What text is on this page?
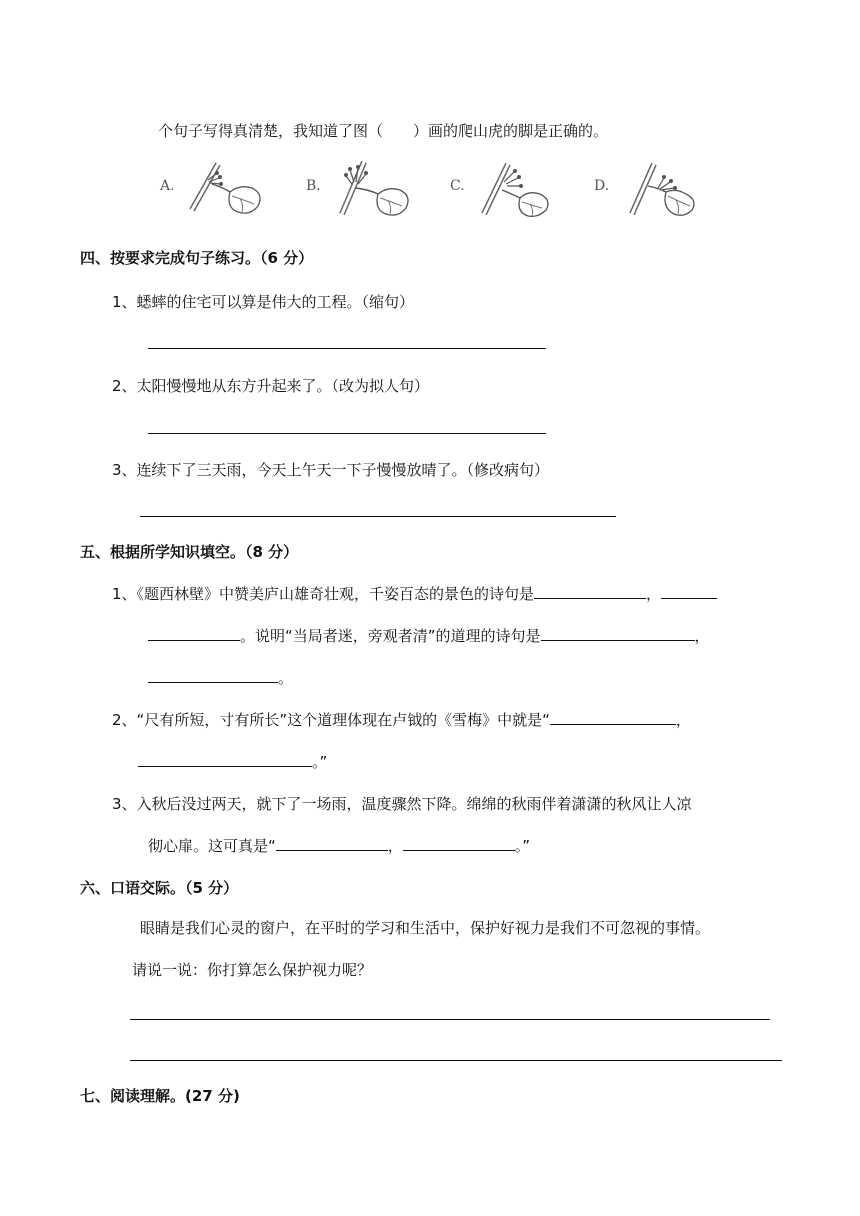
个句子写得真清楚，我知道了图（　　）画的爬山虎的脚是正确的。
A.	B.	C.	D.
四、按要求完成句子练习。（6 分）
1、蟋蟀的住宅可以算是伟大的工程。（缩句）
2、太阳慢慢地从东方升起来了。（改为拟人句）
3、连续下了三天雨，今天上午天一下子慢慢放晴了。（修改病句）
五、根据所学知识填空。（8 分）
1、《题西林壁》中赞美庐山雄奇壮观，千姿百态的景色的诗句是	，
。说明“当局者迷，旁观者清”的道理的诗句是	，
。
2、“尺有所短，寸有所长”这个道理体现在卢钺的《雪梅》中就是“	，
。”
3、入秋后没过两天，就下了一场雨，温度骤然下降。绵绵的秋雨伴着潇潇的秋风让人凉
彻心扉。这可真是“	，	。”
六、口语交际。（5 分）
眼睛是我们心灵的窗户，在平时的学习和生活中，保护好视力是我们不可忽视的事情。
请说一说：你打算怎么保护视力呢？
七、阅读理解。(27 分)
